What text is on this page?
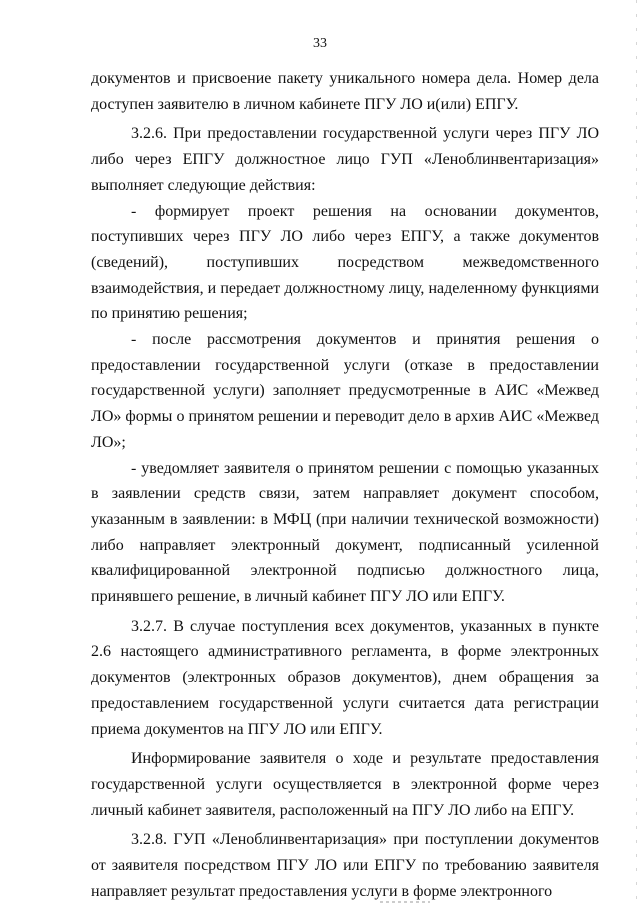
33

документов и присвоение пакету уникального номера дела. Номер дела доступен заявителю в личном кабинете ПГУ ЛО и(или) ЕПГУ.

3.2.6. При предоставлении государственной услуги через ПГУ ЛО либо через ЕПГУ должностное лицо ГУП «Леноблинвентаризация» выполняет следующие действия:

- формирует проект решения на основании документов, поступивших через ПГУ ЛО либо через ЕПГУ, а также документов (сведений), поступивших посредством межведомственного взаимодействия, и передает должностному лицу, наделенному функциями по принятию решения;

- после рассмотрения документов и принятия решения о предоставлении государственной услуги (отказе в предоставлении государственной услуги) заполняет предусмотренные в АИС «Межвед ЛО» формы о принятом решении и переводит дело в архив АИС «Межвед ЛО»;

- уведомляет заявителя о принятом решении с помощью указанных в заявлении средств связи, затем направляет документ способом, указанным в заявлении: в МФЦ (при наличии технической возможности) либо направляет электронный документ, подписанный усиленной квалифицированной электронной подписью должностного лица, принявшего решение, в личный кабинет ПГУ ЛО или ЕПГУ.

3.2.7. В случае поступления всех документов, указанных в пункте 2.6 настоящего административного регламента, в форме электронных документов (электронных образов документов), днем обращения за предоставлением государственной услуги считается дата регистрации приема документов на ПГУ ЛО или ЕПГУ.

Информирование заявителя о ходе и результате предоставления государственной услуги осуществляется в электронной форме через личный кабинет заявителя, расположенный на ПГУ ЛО либо на ЕПГУ.

3.2.8. ГУП «Леноблинвентаризация» при поступлении документов от заявителя посредством ПГУ ЛО или ЕПГУ по требованию заявителя направляет результат предоставления услуги в форме электронного
